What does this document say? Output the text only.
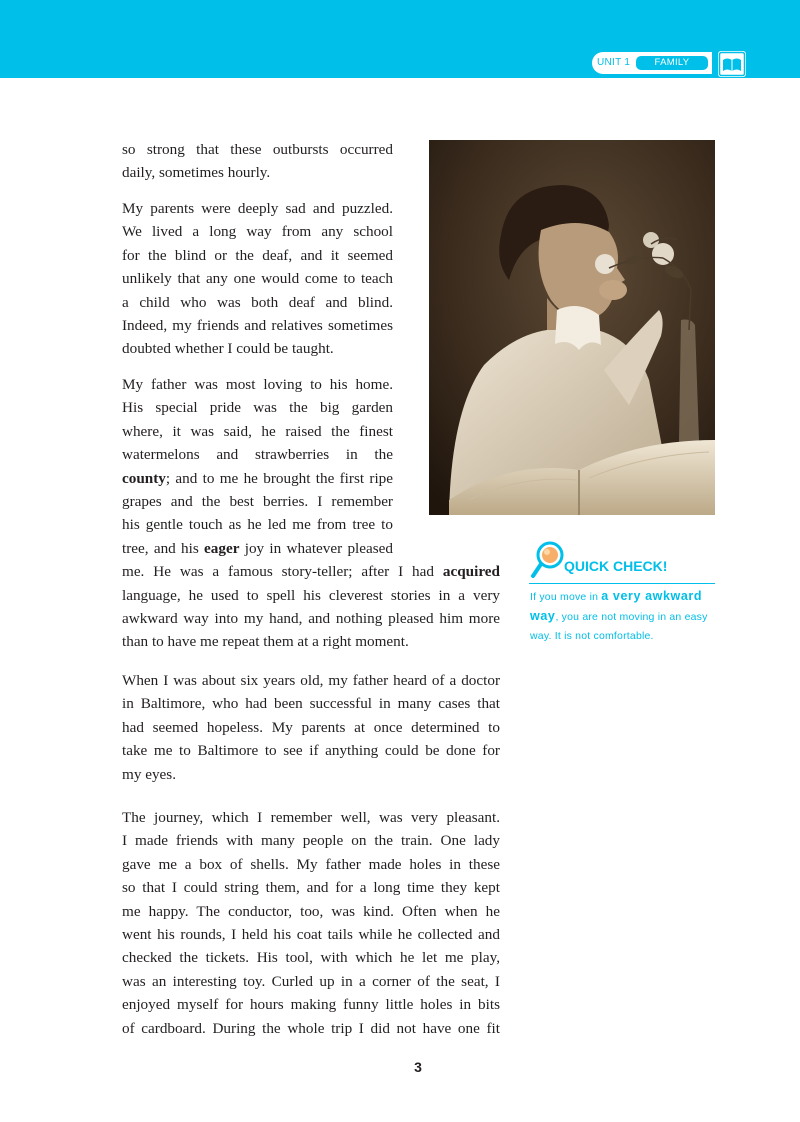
UNIT 1	FAMILY

so strong that these outbursts occurred
daily, sometimes hourly.

My parents were deeply sad and puzzled.
We lived a long way from any school
for the blind or the deaf, and it seemed
unlikely that any one would come to teach
a child who was both deaf and blind.
Indeed, my friends and relatives sometimes
doubted whether I could be taught.

My father was most loving to his home.
His special pride was the big garden
where, it was said, he raised the finest
watermelons and strawberries in the
county; and to me he brought the first ripe
grapes and the best berries. I remember
his gentle touch as he led me from tree to
tree, and his eager joy in whatever pleased
me. He was a famous story-teller; after I had acquired
language, he used to spell his cleverest stories in a very
awkward way into my hand, and nothing pleased him more
than to have me repeat them at a right moment.

When I was about six years old, my father heard of a doctor
in Baltimore, who had been successful in many cases that
had seemed hopeless. My parents at once determined to
take me to Baltimore to see if anything could be done for
my eyes.

The journey, which I remember well, was very pleasant.
I made friends with many people on the train. One lady
gave me a box of shells. My father made holes in these
so that I could string them, and for a long time they kept
me happy. The conductor, too, was kind. Often when he
went his rounds, I held his coat tails while he collected and
checked the tickets. His tool, with which he let me play,
was an interesting toy. Curled up in a corner of the seat, I
enjoyed myself for hours making funny little holes in bits
of cardboard. During the whole trip I did not have one fit

QUICK CHECK!

If you move in a very awkward way, you are not moving in an easy way. It is not comfortable.

3
